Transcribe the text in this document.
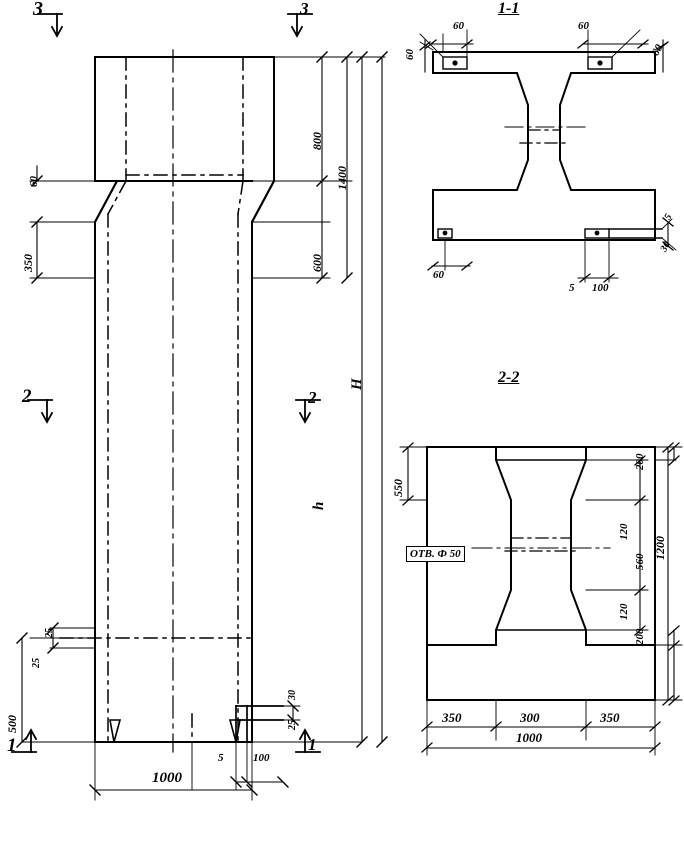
1-1
2-2
3	3
2	2
1	1
60
350
25
25
500
800
600
1400
H
h
30
25
1000
5	100
60	60
60	60
5
30
60
5 100
550
200
120
560
120
200
1200
350	300	350
1000
ОТВ. Ф 50
